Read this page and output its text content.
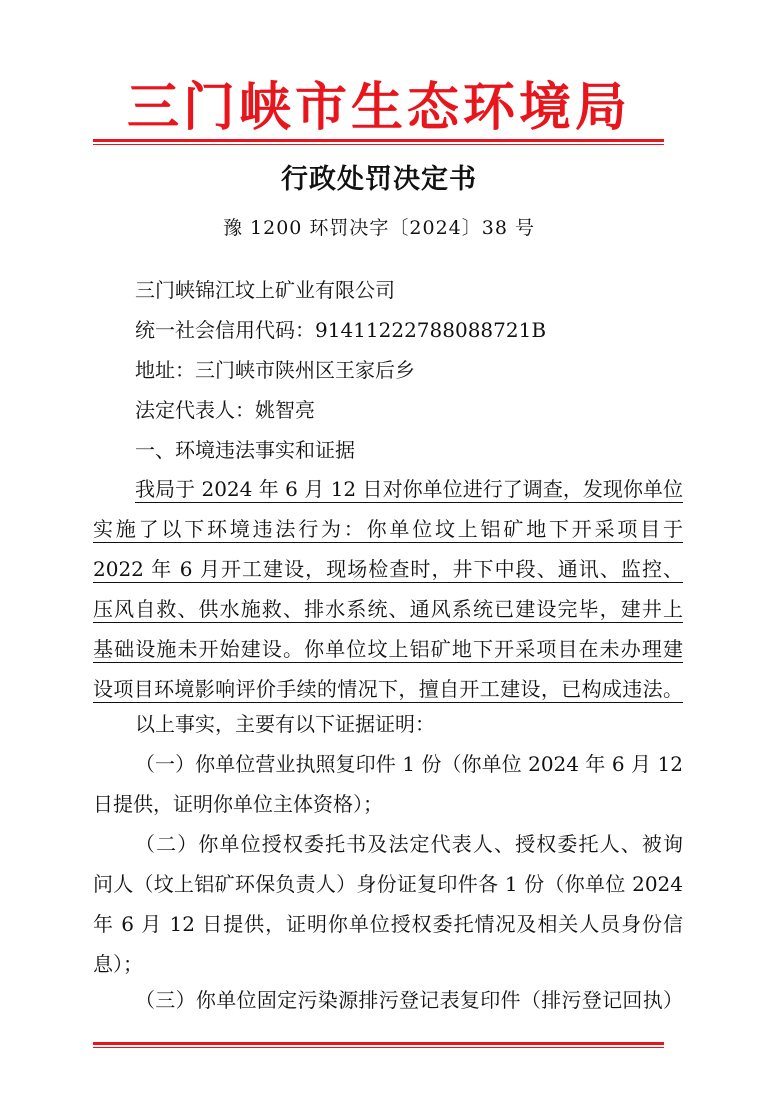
三门峡市生态环境局
行政处罚决定书
豫 1200 环罚决字〔2024〕38 号
三门峡锦江坟上矿业有限公司
统一社会信用代码：91411222788088721B
地址：三门峡市陕州区王家后乡
法定代表人：姚智亮
一、环境违法事实和证据
我局于 2024 年 6 月 12 日对你单位进行了调查，发现你单位
实施了以下环境违法行为：你单位坟上铝矿地下开采项目于
2022 年 6 月开工建设，现场检查时，井下中段、通讯、监控、
压风自救、供水施救、排水系统、通风系统已建设完毕，建井上
基础设施未开始建设。你单位坟上铝矿地下开采项目在未办理建
设项目环境影响评价手续的情况下，擅自开工建设，已构成违法。
以上事实，主要有以下证据证明：
（一）你单位营业执照复印件 1 份（你单位 2024 年 6 月 12
日提供，证明你单位主体资格）；
（二）你单位授权委托书及法定代表人、授权委托人、被询
问人（坟上铝矿环保负责人）身份证复印件各 1 份（你单位 2024
年 6 月 12 日提供，证明你单位授权委托情况及相关人员身份信
息）；
（三）你单位固定污染源排污登记表复印件（排污登记回执）
